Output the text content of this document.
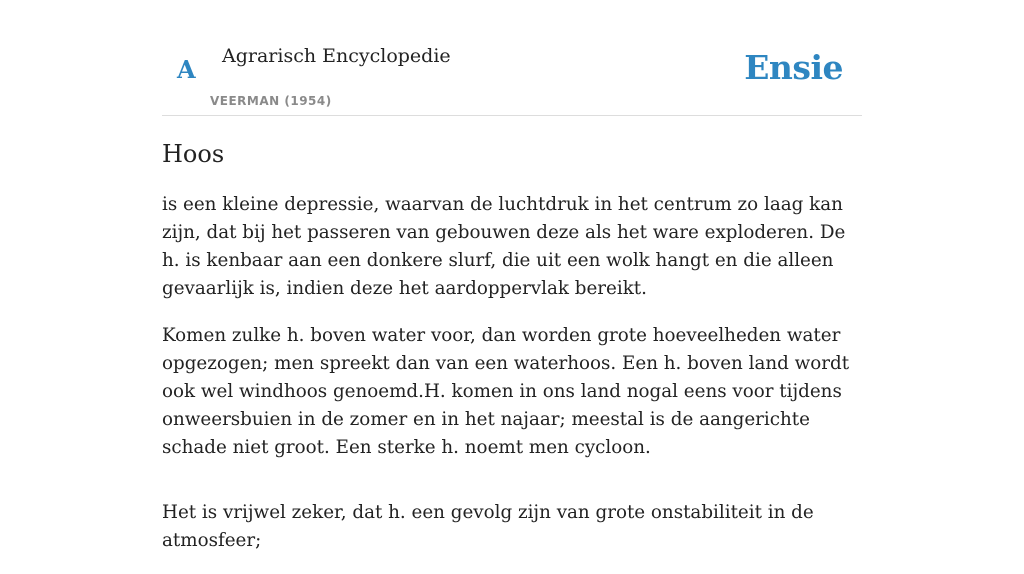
A Agrarisch Encyclopedie
VEERMAN (1954)
Ensie
Hoos

is een kleine depressie, waarvan de luchtdruk in het centrum zo laag kan zijn, dat bij het passeren van gebouwen deze als het ware exploderen. De h. is kenbaar aan een donkere slurf, die uit een wolk hangt en die alleen gevaarlijk is, indien deze het aardoppervlak bereikt.

Komen zulke h. boven water voor, dan worden grote hoeveelheden water opgezogen; men spreekt dan van een waterhoos. Een h. boven land wordt ook wel windhoos genoemd.H. komen in ons land nogal eens voor tijdens onweersbuien in de zomer en in het najaar; meestal is de aangerichte schade niet groot. Een sterke h. noemt men cycloon.

Het is vrijwel zeker, dat h. een gevolg zijn van grote onstabiliteit in de atmosfeer;
